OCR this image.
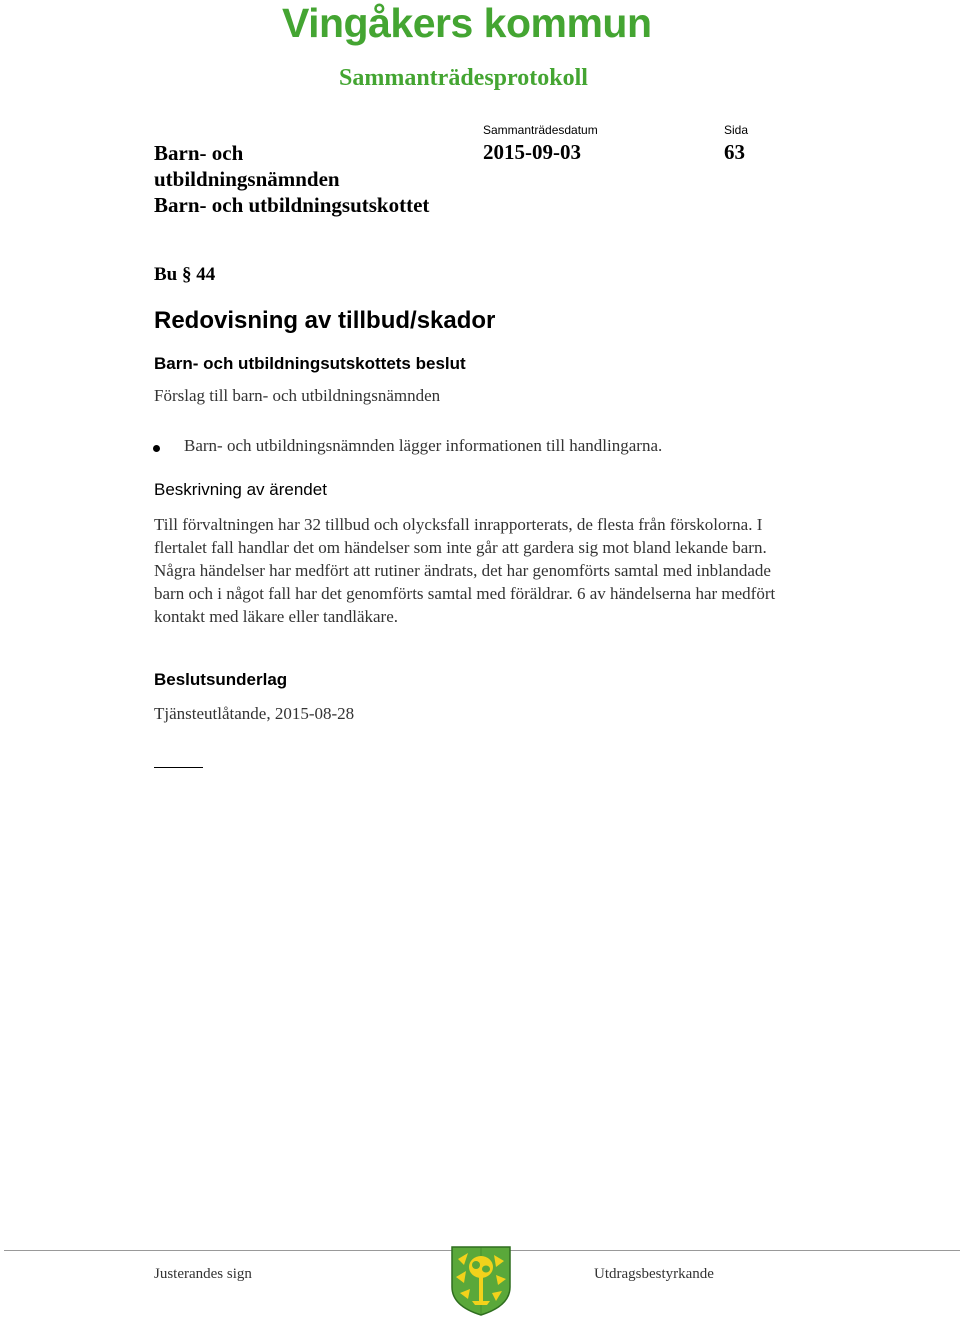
Vingåkers kommun
Sammanträdesprotokoll
Barn- och
utbildningsnämnden
Barn- och utbildningsutskottet
Sammanträdesdatum	Sida
2015-09-03	63
Bu § 44
Redovisning av tillbud/skador
Barn- och utbildningsutskottets beslut
Förslag till barn- och utbildningsnämnden
Barn- och utbildningsnämnden lägger informationen till handlingarna.
Beskrivning av ärendet
Till förvaltningen har 32 tillbud och olycksfall inrapporterats, de flesta från förskolorna. I flertalet fall handlar det om händelser som inte går att gardera sig mot bland lekande barn. Några händelser har medfört att rutiner ändrats, det har genomförts samtal med inblandade barn och i något fall har det genomförts samtal med föräldrar. 6 av händelserna har medfört kontakt med läkare eller tandläkare.
Beslutsunderlag
Tjänsteutlåtande, 2015-08-28
Justerandes sign	Utdragsbestyrkande
